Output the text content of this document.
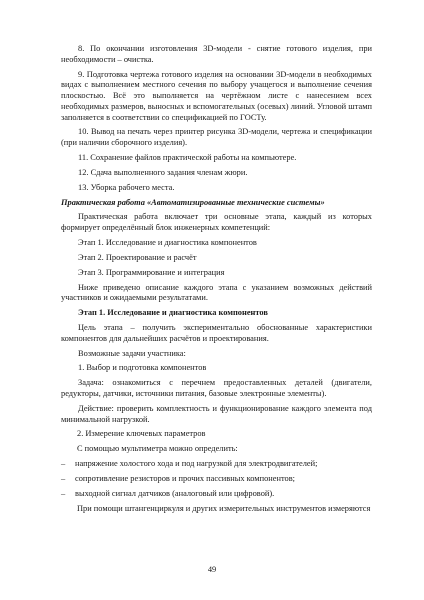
8. По окончании изготовления 3D-модели - снятие готового изделия, при необходимости – очистка.

9. Подготовка чертежа готового изделия на основании 3D-модели в необходимых видах с выполнением местного сечения по выбору учащегося и выполнение сечения плоскостью. Всё это выполняется на чертёжном листе с нанесением всех необходимых размеров, выносных и вспомогательных (осевых) линий. Угловой штамп заполняется в соответствии со спецификацией по ГОСТу.

10. Вывод на печать через принтер рисунка 3D-модели, чертежа и спецификации (при наличии сборочного изделия).

11. Сохранение файлов практической работы на компьютере.

12. Сдача выполненного задания членам жюри.

13. Уборка рабочего места.

Практическая работа «Автоматизированные технические системы»

Практическая работа включает три основные этапа, каждый из которых формирует определённый блок инженерных компетенций:

Этап 1. Исследование и диагностика компонентов

Этап 2. Проектирование и расчёт

Этап 3. Программирование и интеграция

Ниже приведено описание каждого этапа с указанием возможных действий участников и ожидаемыми результатами.

Этап 1. Исследование и диагностика компонентов

Цель этапа – получить экспериментально обоснованные характеристики компонентов для дальнейших расчётов и проектирования.

Возможные задачи участника:

1. Выбор и подготовка компонентов

Задача: ознакомиться с перечнем предоставленных деталей (двигатели, редукторы, датчики, источники питания, базовые электронные элементы).

Действие: проверить комплектность и функционирование каждого элемента под минимальной нагрузкой.

2. Измерение ключевых параметров

С помощью мультиметра можно определить:

– напряжение холостого хода и под нагрузкой для электродвигателей;

– сопротивление резисторов и прочих пассивных компонентов;

– выходной сигнал датчиков (аналоговый или цифровой).

При помощи штангенциркуля и других измерительных инструментов измеряются

49
